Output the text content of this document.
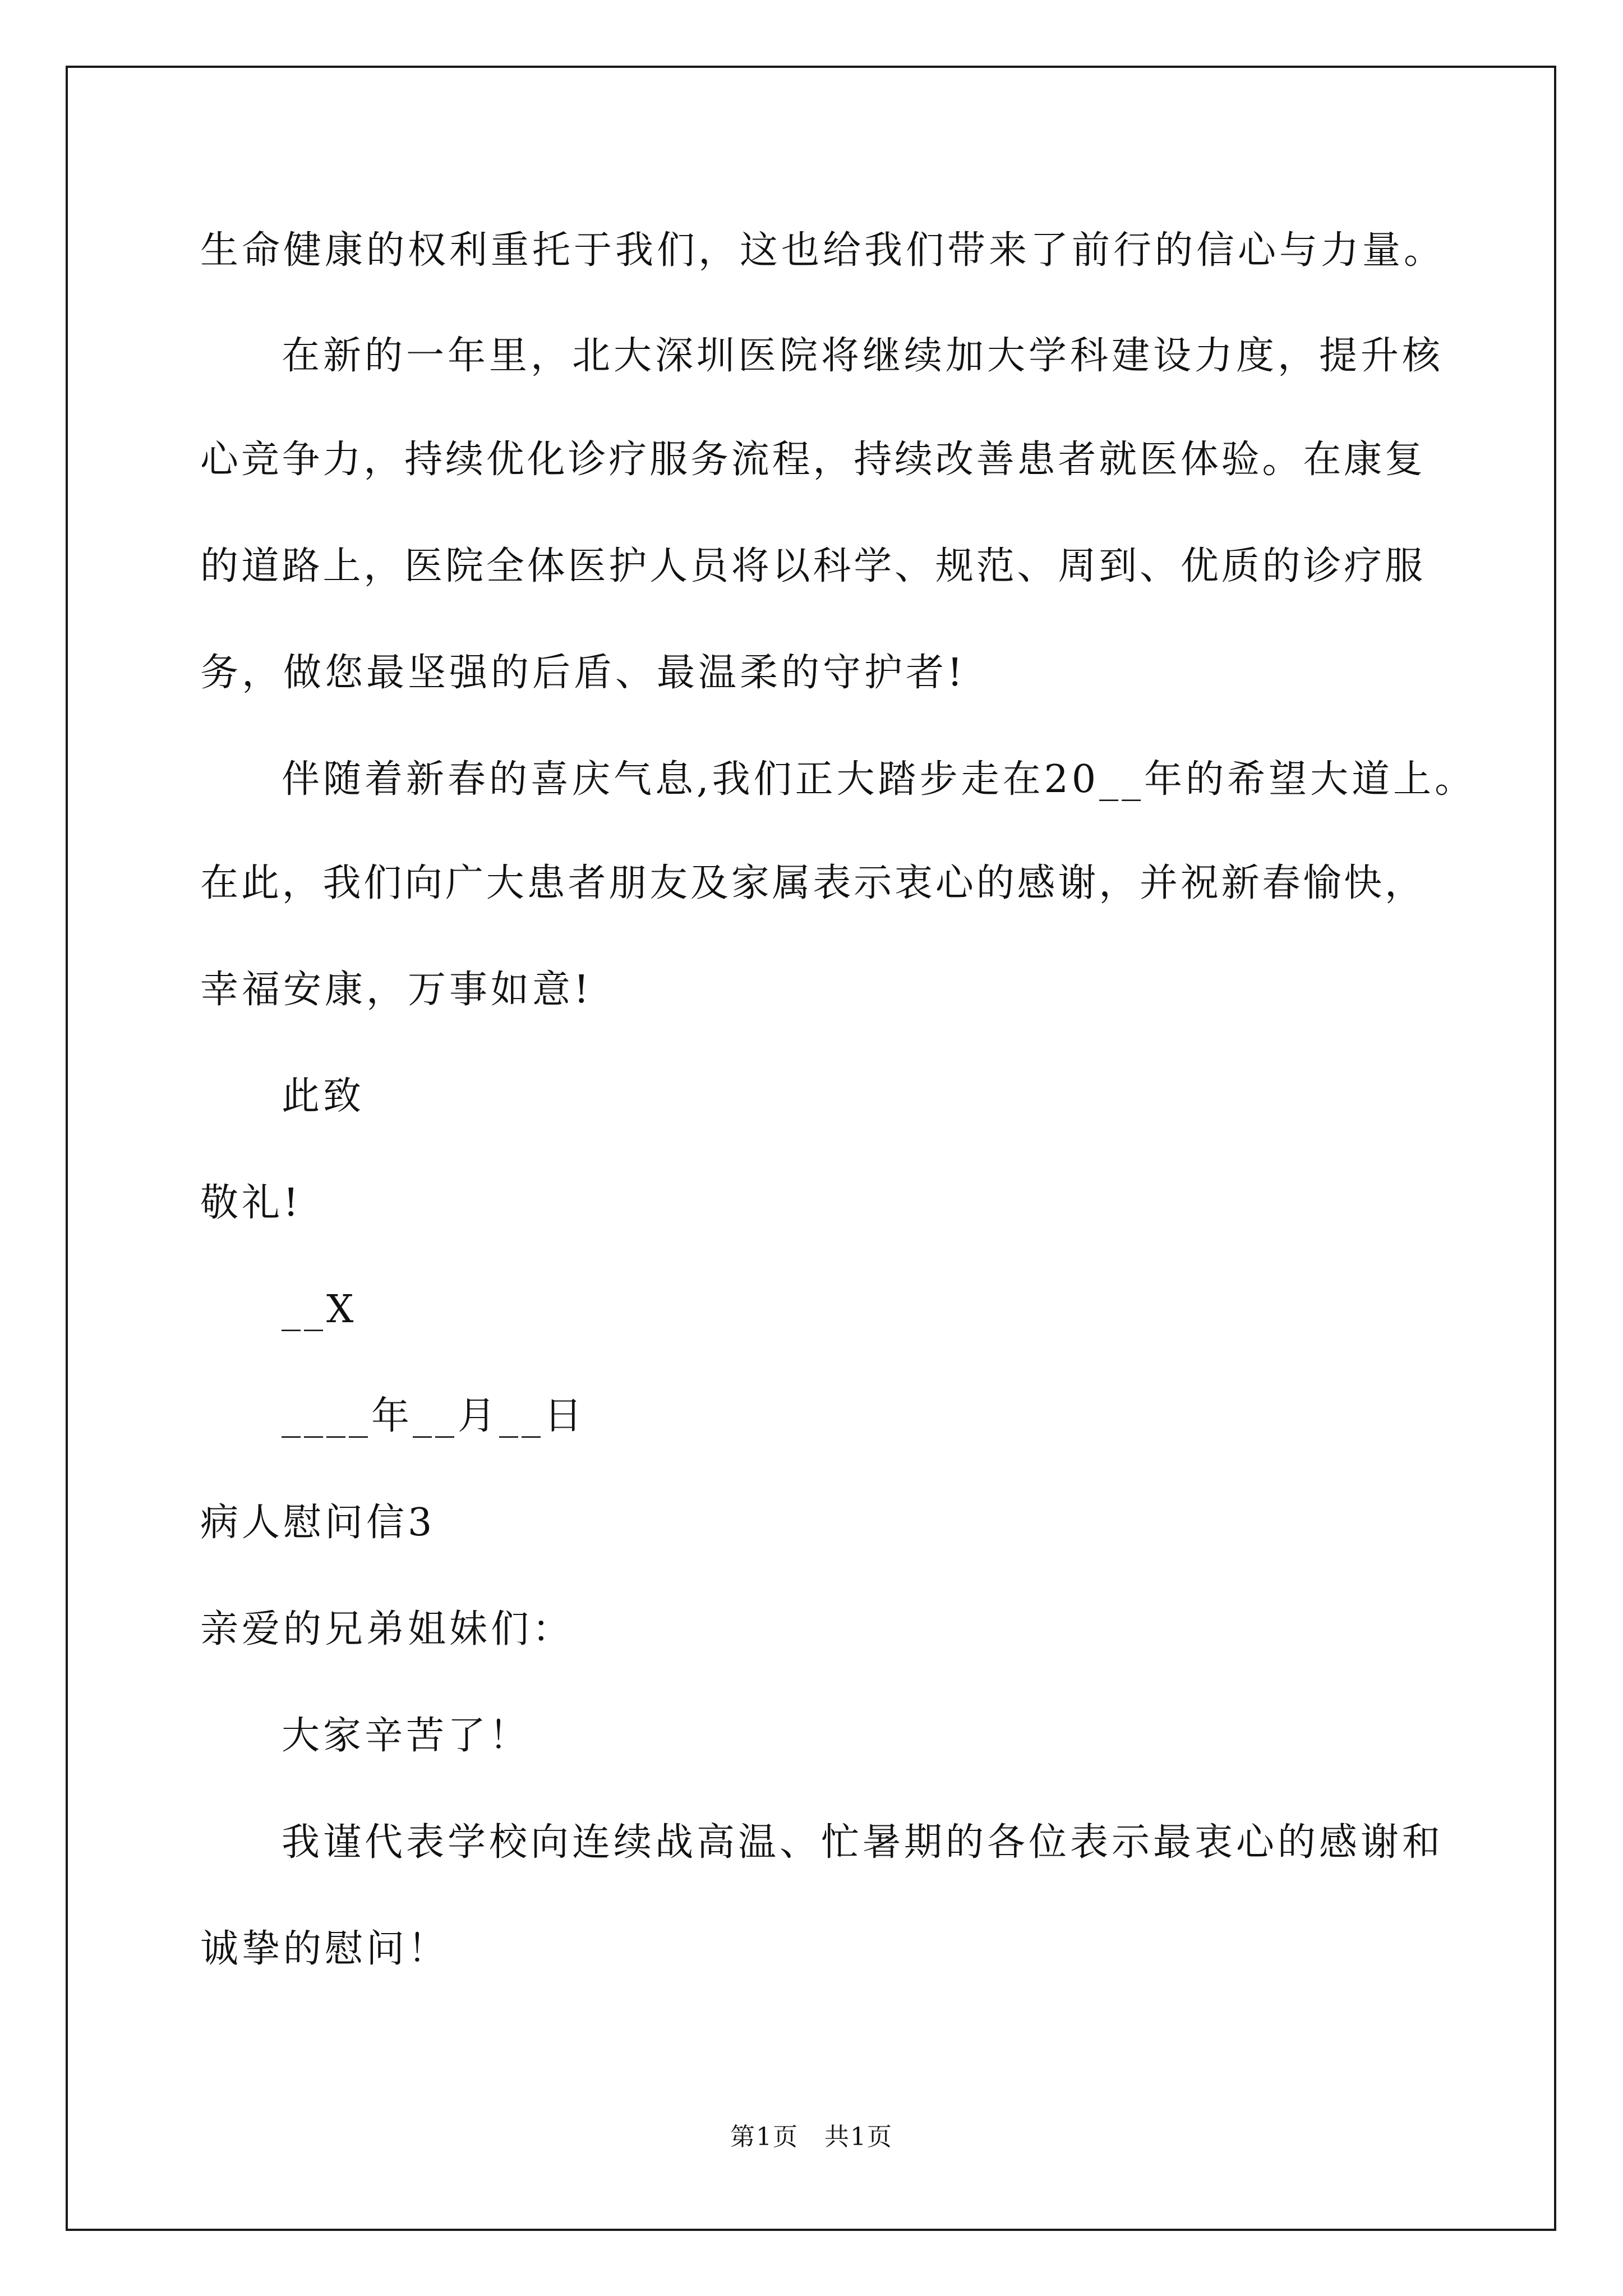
生命健康的权利重托于我们，这也给我们带来了前行的信心与力量。
在新的一年里，北大深圳医院将继续加大学科建设力度，提升核
心竞争力，持续优化诊疗服务流程，持续改善患者就医体验。在康复
的道路上，医院全体医护人员将以科学、规范、周到、优质的诊疗服
务，做您最坚强的后盾、最温柔的守护者!
伴随着新春的喜庆气息,我们正大踏步走在20__年的希望大道上。
在此，我们向广大患者朋友及家属表示衷心的感谢，并祝新春愉快，
幸福安康，万事如意!
此致
敬礼!
__X
____年__月__日
病人慰问信3
亲爱的兄弟姐妹们：
大家辛苦了！
我谨代表学校向连续战高温、忙暑期的各位表示最衷心的感谢和
诚挚的慰问！
第1页　共1页
